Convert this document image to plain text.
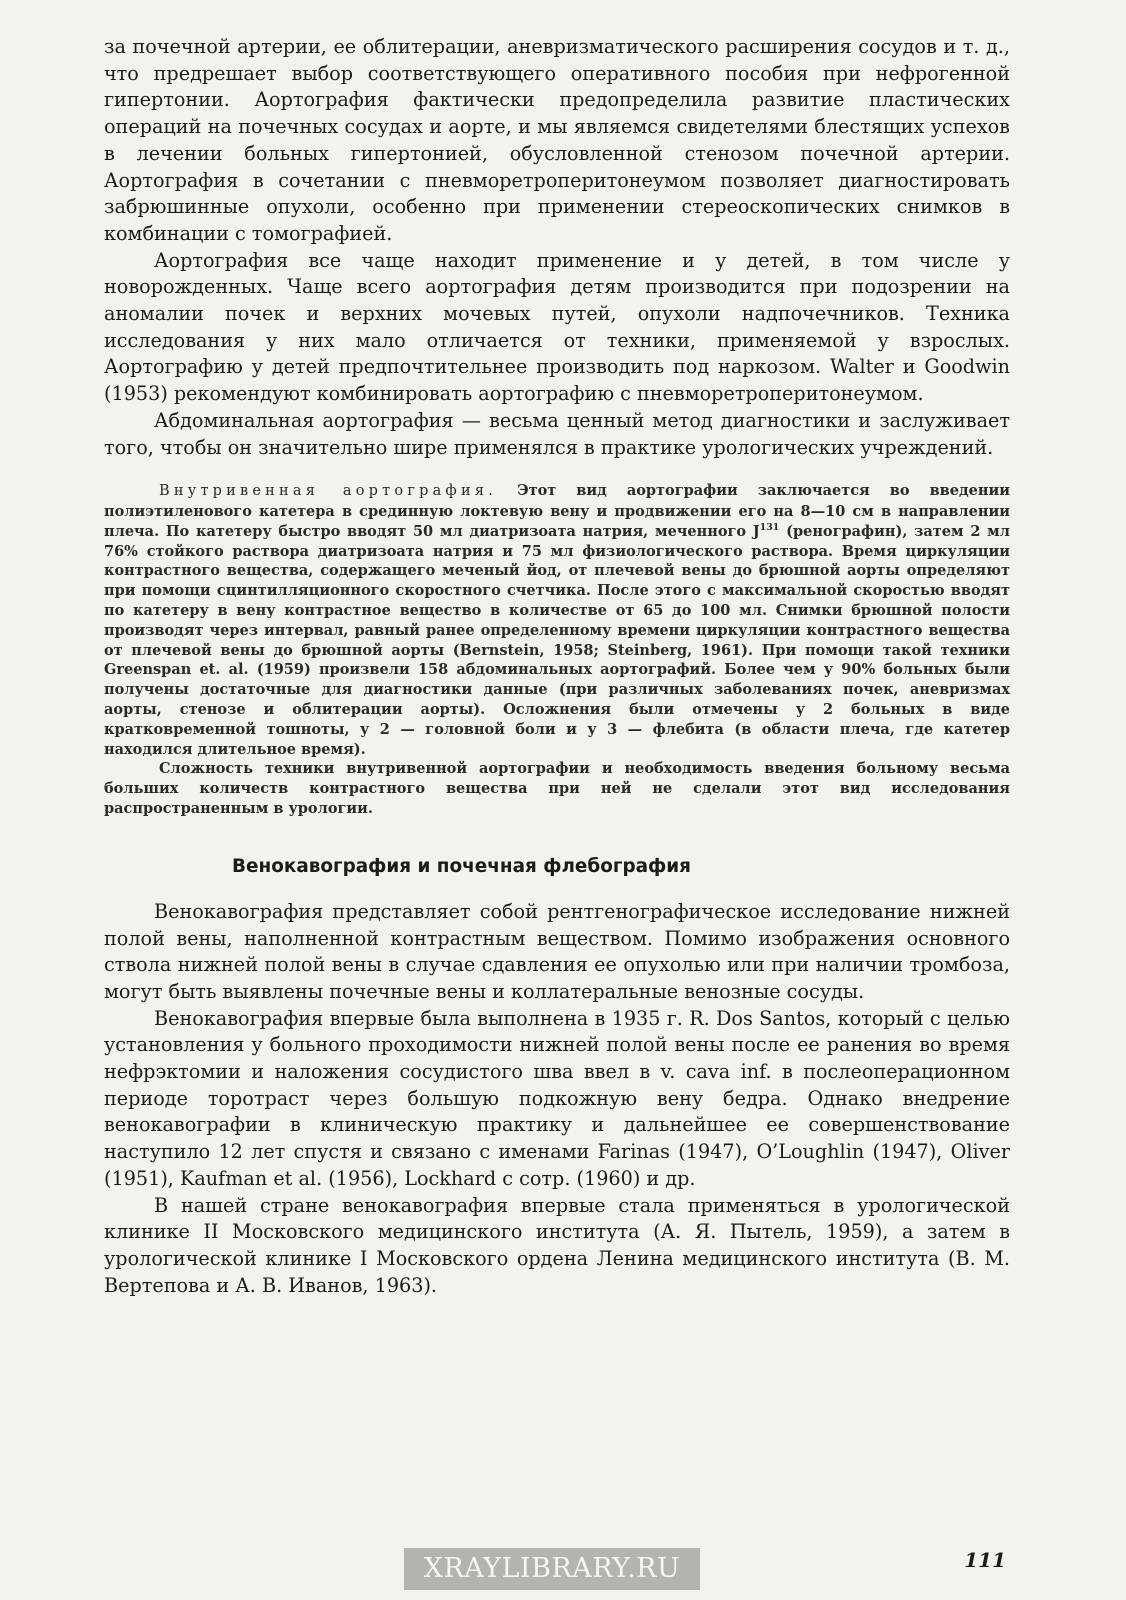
за почечной артерии, ее облитерации, аневризматического расширения сосудов и т. д., что предрешает выбор соответствующего оперативного пособия при нефрогенной гипертонии. Аортография фактически предопределила развитие пластических операций на почечных сосудах и аорте, и мы являемся свидетелями блестящих успехов в лечении больных гипертонией, обусловленной стенозом почечной артерии. Аортография в сочетании с пневморетроперитонеумом позволяет диагностировать забрюшинные опухоли, особенно при применении стереоскопических снимков в комбинации с томографией.

Аортография все чаще находит применение и у детей, в том числе у новорожденных. Чаще всего аортография детям производится при подозрении на аномалии почек и верхних мочевых путей, опухоли надпочечников. Техника исследования у них мало отличается от техники, применяемой у взрослых. Аортографию у детей предпочтительнее производить под наркозом. Walter и Goodwin (1953) рекомендуют комбинировать аортографию с пневморетроперитонеумом.

Абдоминальная аортография — весьма ценный метод диагностики и заслуживает того, чтобы он значительно шире применялся в практике урологических учреждений.

Внутривенная аортография. Этот вид аортографии заключается во введении полиэтиленового катетера в срединную локтевую вену и продвижении его на 8—10 см в направлении плеча. По катетеру быстро вводят 50 мл диатризоата натрия, меченного $J^{131}$ (ренографин), затем 2 мл 76% стойкого раствора диатризоата натрия и 75 мл физиологического раствора. Время циркуляции контрастного вещества, содержащего меченый йод, от плечевой вены до брюшной аорты определяют при помощи сцинтилляционного скоростного счетчика. После этого с максимальной скоростью вводят по катетеру в вену контрастное вещество в количестве от 65 до 100 мл. Снимки брюшной полости производят через интервал, равный ранее определенному времени циркуляции контрастного вещества от плечевой вены до брюшной аорты (Bernstein, 1958; Steinberg, 1961). При помощи такой техники Greenspan et. al. (1959) произвели 158 абдоминальных аортографий. Более чем у 90% больных были получены достаточные для диагностики данные (при различных заболеваниях почек, аневризмах аорты, стенозе и облитерации аорты). Осложнения были отмечены у 2 больных в виде кратковременной тошноты, у 2 — головной боли и у 3 — флебита (в области плеча, где катетер находился длительное время).

Сложность техники внутривенной аортографии и необходимость введения больному весьма больших количеств контрастного вещества при ней не сделали этот вид исследования распространенным в урологии.

Венокавография и почечная флебография

Венокавография представляет собой рентгенографическое исследование нижней полой вены, наполненной контрастным веществом. Помимо изображения основного ствола нижней полой вены в случае сдавления ее опухолью или при наличии тромбоза, могут быть выявлены почечные вены и коллатеральные венозные сосуды.

Венокавография впервые была выполнена в 1935 г. R. Dos Santos, который с целью установления у больного проходимости нижней полой вены после ее ранения во время нефрэктомии и наложения сосудистого шва ввел в v. cava inf. в послеоперационном периоде торотраст через большую подкожную вену бедра. Однако внедрение венокавографии в клиническую практику и дальнейшее ее совершенствование наступило 12 лет спустя и связано с именами Farinas (1947), O’Loughlin (1947), Oliver (1951), Kaufman et al. (1956), Lockhard с сотр. (1960) и др.

В нашей стране венокавография впервые стала применяться в урологической клинике II Московского медицинского института (А. Я. Пытель, 1959), а затем в урологической клинике I Московского ордена Ленина медицинского института (В. М. Вертепова и А. В. Иванов, 1963).

111
XRAYLIBRARY.RU
